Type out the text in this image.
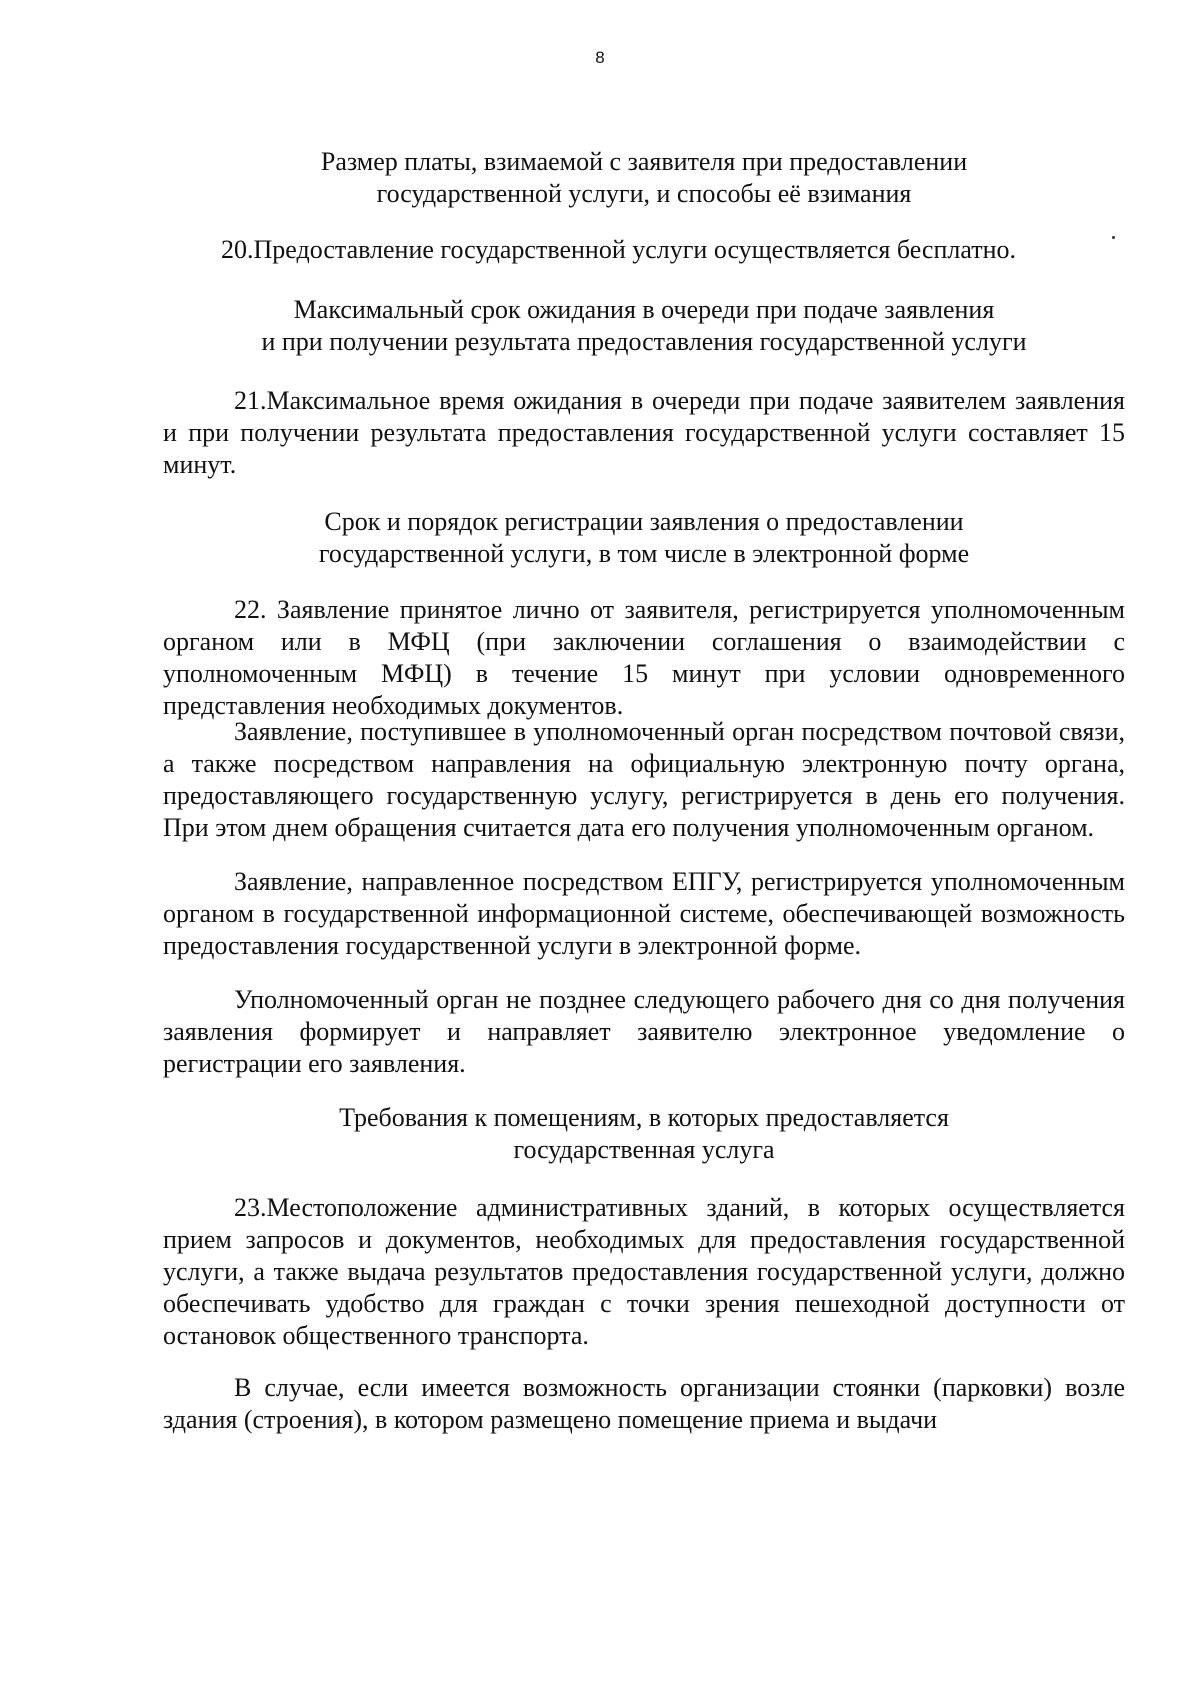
8
Размер платы, взимаемой с заявителя при предоставлении
государственной услуги, и способы её взимания

20.Предоставление государственной услуги осуществляется бесплатно.

Максимальный срок ожидания в очереди при подаче заявления
и при получении результата предоставления государственной услуги

21.Максимальное время ожидания в очереди при подаче заявителем заявления и при получении результата предоставления государственной услуги составляет 15 минут.

Срок и порядок регистрации заявления о предоставлении
государственной услуги, в том числе в электронной форме

22. Заявление принятое лично от заявителя, регистрируется уполномоченным органом или в МФЦ (при заключении соглашения о взаимодействии с уполномоченным МФЦ) в течение 15 минут при условии одновременного представления необходимых документов.

Заявление, поступившее в уполномоченный орган посредством почтовой связи, а также посредством направления на официальную электронную почту органа, предоставляющего государственную услугу, регистрируется в день его получения. При этом днем обращения считается дата его получения уполномоченным органом.

Заявление, направленное посредством ЕПГУ, регистрируется уполномоченным органом в государственной информационной системе, обеспечивающей возможность предоставления государственной услуги в электронной форме.

Уполномоченный орган не позднее следующего рабочего дня со дня получения заявления формирует и направляет заявителю электронное уведомление о регистрации его заявления.

Требования к помещениям, в которых предоставляется
государственная услуга

23.Местоположение административных зданий, в которых осуществляется прием запросов и документов, необходимых для предоставления государственной услуги, а также выдача результатов предоставления государственной услуги, должно обеспечивать удобство для граждан с точки зрения пешеходной доступности от остановок общественного транспорта.

В случае, если имеется возможность организации стоянки (парковки) возле здания (строения), в котором размещено помещение приема и выдачи
